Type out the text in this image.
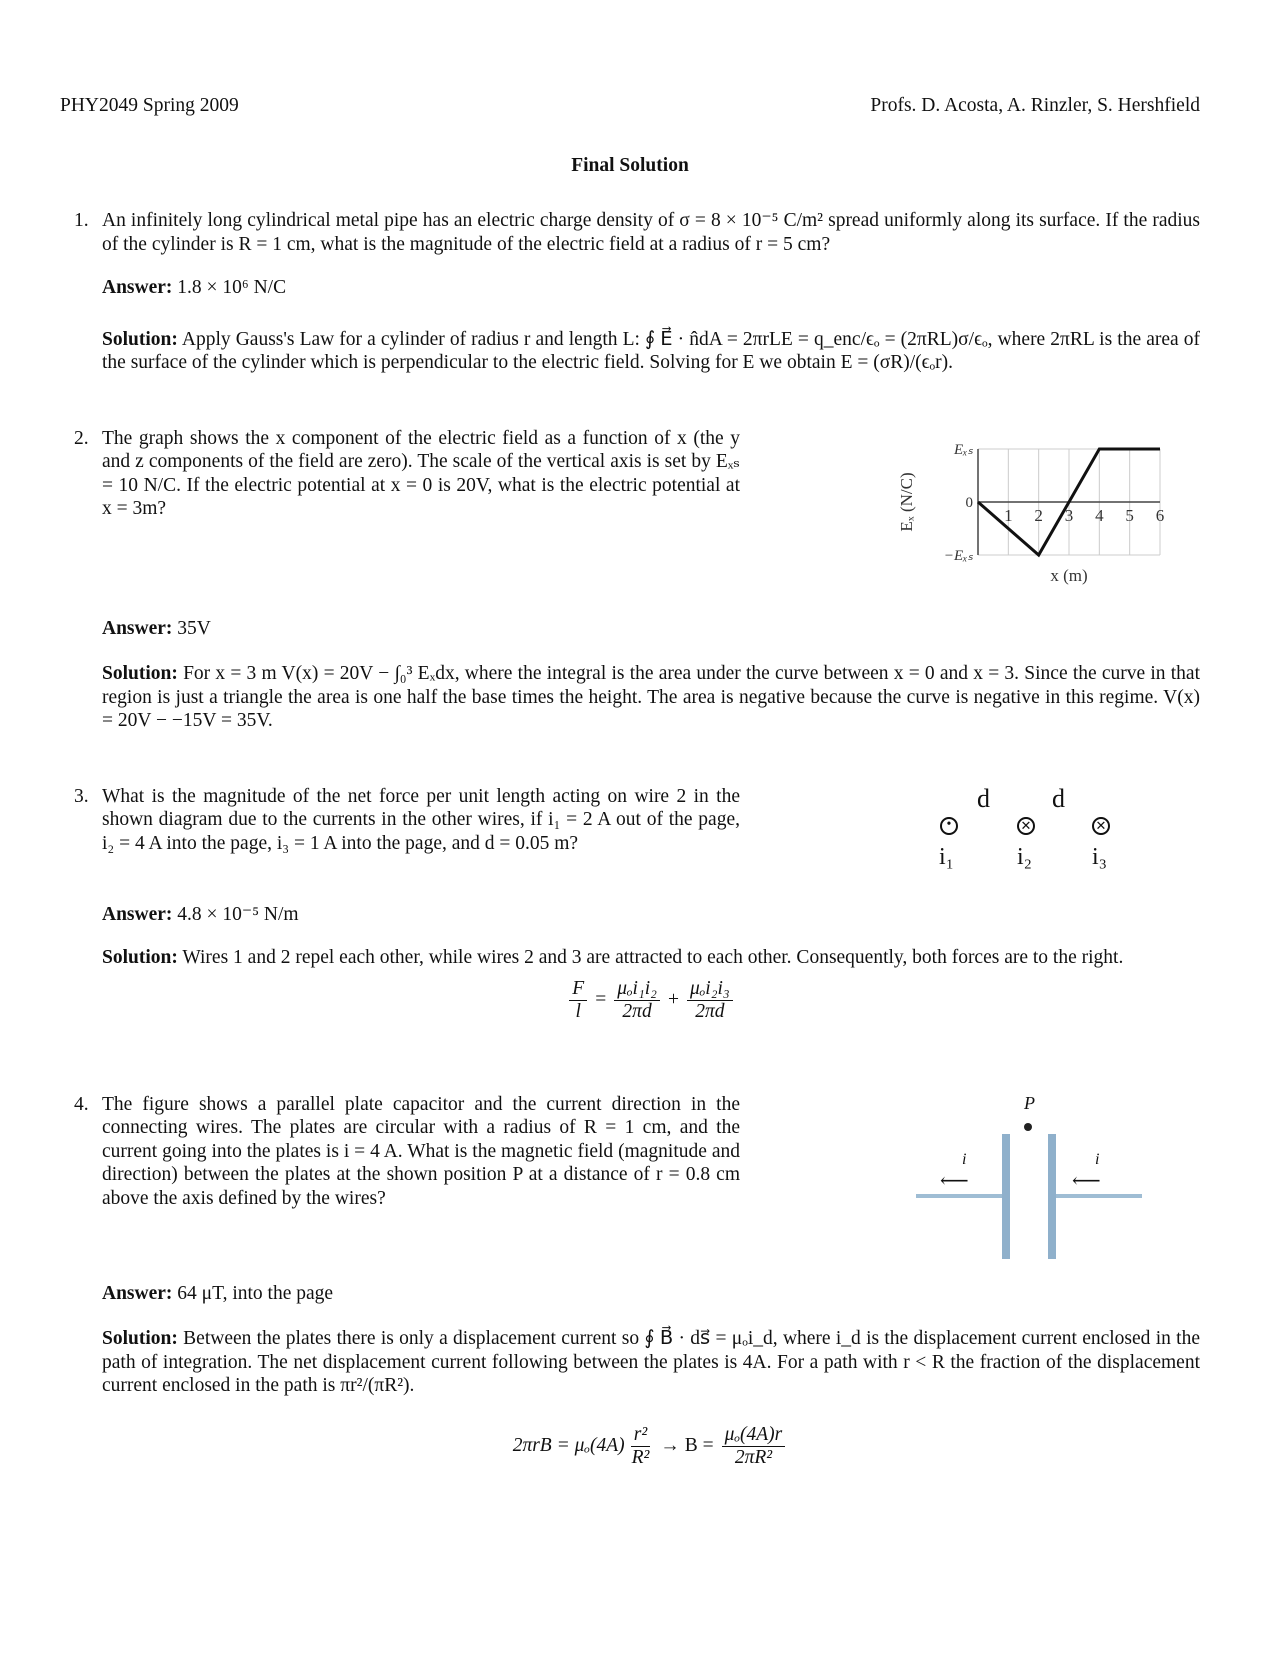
PHY2049 Spring 2009	Profs. D. Acosta, A. Rinzler, S. Hershfield
Final Solution
1. An infinitely long cylindrical metal pipe has an electric charge density of σ = 8 × 10⁻⁵ C/m² spread uniformly along its surface. If the radius of the cylinder is R = 1 cm, what is the magnitude of the electric field at a radius of r = 5 cm?
Answer: 1.8 × 10⁶ N/C
Solution: Apply Gauss's Law for a cylinder of radius r and length L: ∮ E⃗ · n̂dA = 2πrLE = q_enc/ϵₒ = (2πRL)σ/ϵₒ, where 2πRL is the area of the surface of the cylinder which is perpendicular to the electric field. Solving for E we obtain E = (σR)/(ϵₒr).
2. The graph shows the x component of the electric field as a function of x (the y and z components of the field are zero). The scale of the vertical axis is set by Eₓₛ = 10 N/C. If the electric potential at x = 0 is 20V, what is the electric potential at x = 3m?	1 2 3 4 5 6
Eₓₛ
0
−Eₓₛ
x (m)
Eₓ (N/C)
Answer: 35V
Solution: For x = 3 m V(x) = 20V − ∫₀³ Eₓdx, where the integral is the area under the curve between x = 0 and x = 3. Since the curve in that region is just a triangle the area is one half the base times the height. The area is negative because the curve is negative in this regime. V(x) = 20V − −15V = 35V.
3. What is the magnitude of the net force per unit length acting on wire 2 in the shown diagram due to the currents in the other wires, if i₁ = 2 A out of the page, i₂ = 4 A into the page, i₃ = 1 A into the page, and d = 0.05 m?
d d
•	✕	✕
i₁	i₂ i₃
Answer: 4.8 × 10⁻⁵ N/m
Solution: Wires 1 and 2 repel each other, while wires 2 and 3 are attracted to each other. Consequently, both forces are to the right.
$\frac{F}{l} = \frac{\text{μₒi₁i₂}}{2\pi d} + \frac{\text{μₒi₂i₃}}{2\pi d}$
4. The figure shows a parallel plate capacitor and the current direction in the connecting wires. The plates are circular with a radius of R = 1 cm, and the current going into the plates is i = 4 A. What is the magnetic field (magnitude and direction) between the plates at the shown position P at a distance of r = 0.8 cm above the axis defined by the wires?
P
i	i
⟵	⟵
Answer: 64 μT, into the page
Solution: Between the plates there is only a displacement current so ∮ B⃗ · ds⃗ = μₒi_d, where i_d is the displacement current enclosed in the path of integration. The net displacement current following between the plates is 4A. For a path with r < R the fraction of the displacement current enclosed in the path is πr²/(πR²).
$2\pi rB = \mu_o(4A) \frac{\text{r²}}{\text{R²}} \to B = \frac{\text{μₒ(4A)r}}{\text{2πR²}}$
